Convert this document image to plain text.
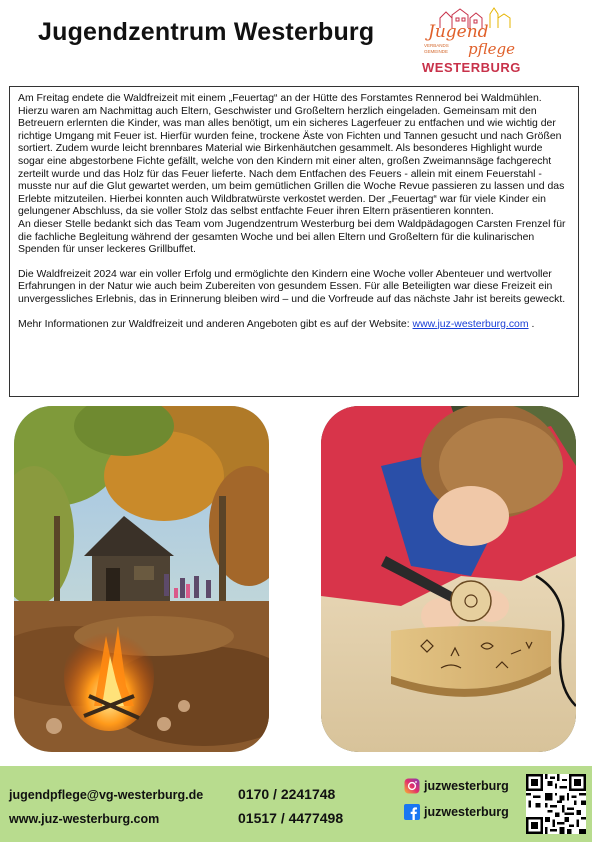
Jugendzentrum Westerburg	Jugend
VERBANDS GEMEINDE	pflege
WESTERBURG

Am Freitag endete die Waldfreizeit mit einem „Feuertag“ an der Hütte des Forstamtes Rennerod bei Waldmühlen. Hierzu waren am Nachmittag auch Eltern, Geschwister und Großeltern herzlich eingeladen. Gemeinsam mit den Betreuern erlernten die Kinder, was man alles benötigt, um ein sicheres Lagerfeuer zu entfachen und wie wichtig der richtige Umgang mit Feuer ist. Hierfür wurden feine, trockene Äste von Fichten und Tannen gesucht und nach Größen sortiert. Zudem wurde leicht brennbares Material wie Birkenhäutchen gesammelt. Als besonderes Highlight wurde sogar eine abgestorbene Fichte gefällt, welche von den Kindern mit einer alten, großen Zweimannsäge fachgerecht zerteilt wurde und das Holz für das Feuer lieferte. Nach dem Entfachen des Feuers - allein mit einem Feuerstahl - musste nur auf die Glut gewartet werden, um beim gemütlichen Grillen die Woche Revue passieren zu lassen und das Erlebte mitzuteilen. Hierbei konnten auch Wildbratwürste verkostet werden. Der „Feuertag“ war für viele Kinder ein gelungener Abschluss, da sie voller Stolz das selbst entfachte Feuer ihren Eltern präsentieren konnten.

An dieser Stelle bedankt sich das Team vom Jugendzentrum Westerburg bei dem Waldpädagogen Carsten Frenzel für die fachliche Begleitung während der gesamten Woche und bei allen Eltern und Großeltern für die kulinarischen Spenden für unser leckeres Grillbuffet.

Die Waldfreizeit 2024 war ein voller Erfolg und ermöglichte den Kindern eine Woche voller Abenteuer und wertvoller Erfahrungen in der Natur wie auch beim Zubereiten von gesundem Essen. Für alle Beteiligten war diese Freizeit ein unvergessliches Erlebnis, das in Erinnerung bleiben wird – und die Vorfreude auf das nächste Jahr ist bereits geweckt.

Mehr Informationen zur Waldfreizeit und anderen Angeboten gibt es auf der Website: www.juz-westerburg.com .

jugendpflege@vg-westerburg.de
www.juz-westerburg.com
0170 / 2241748
01517 / 4477498
juzwesterburg
juzwesterburg
